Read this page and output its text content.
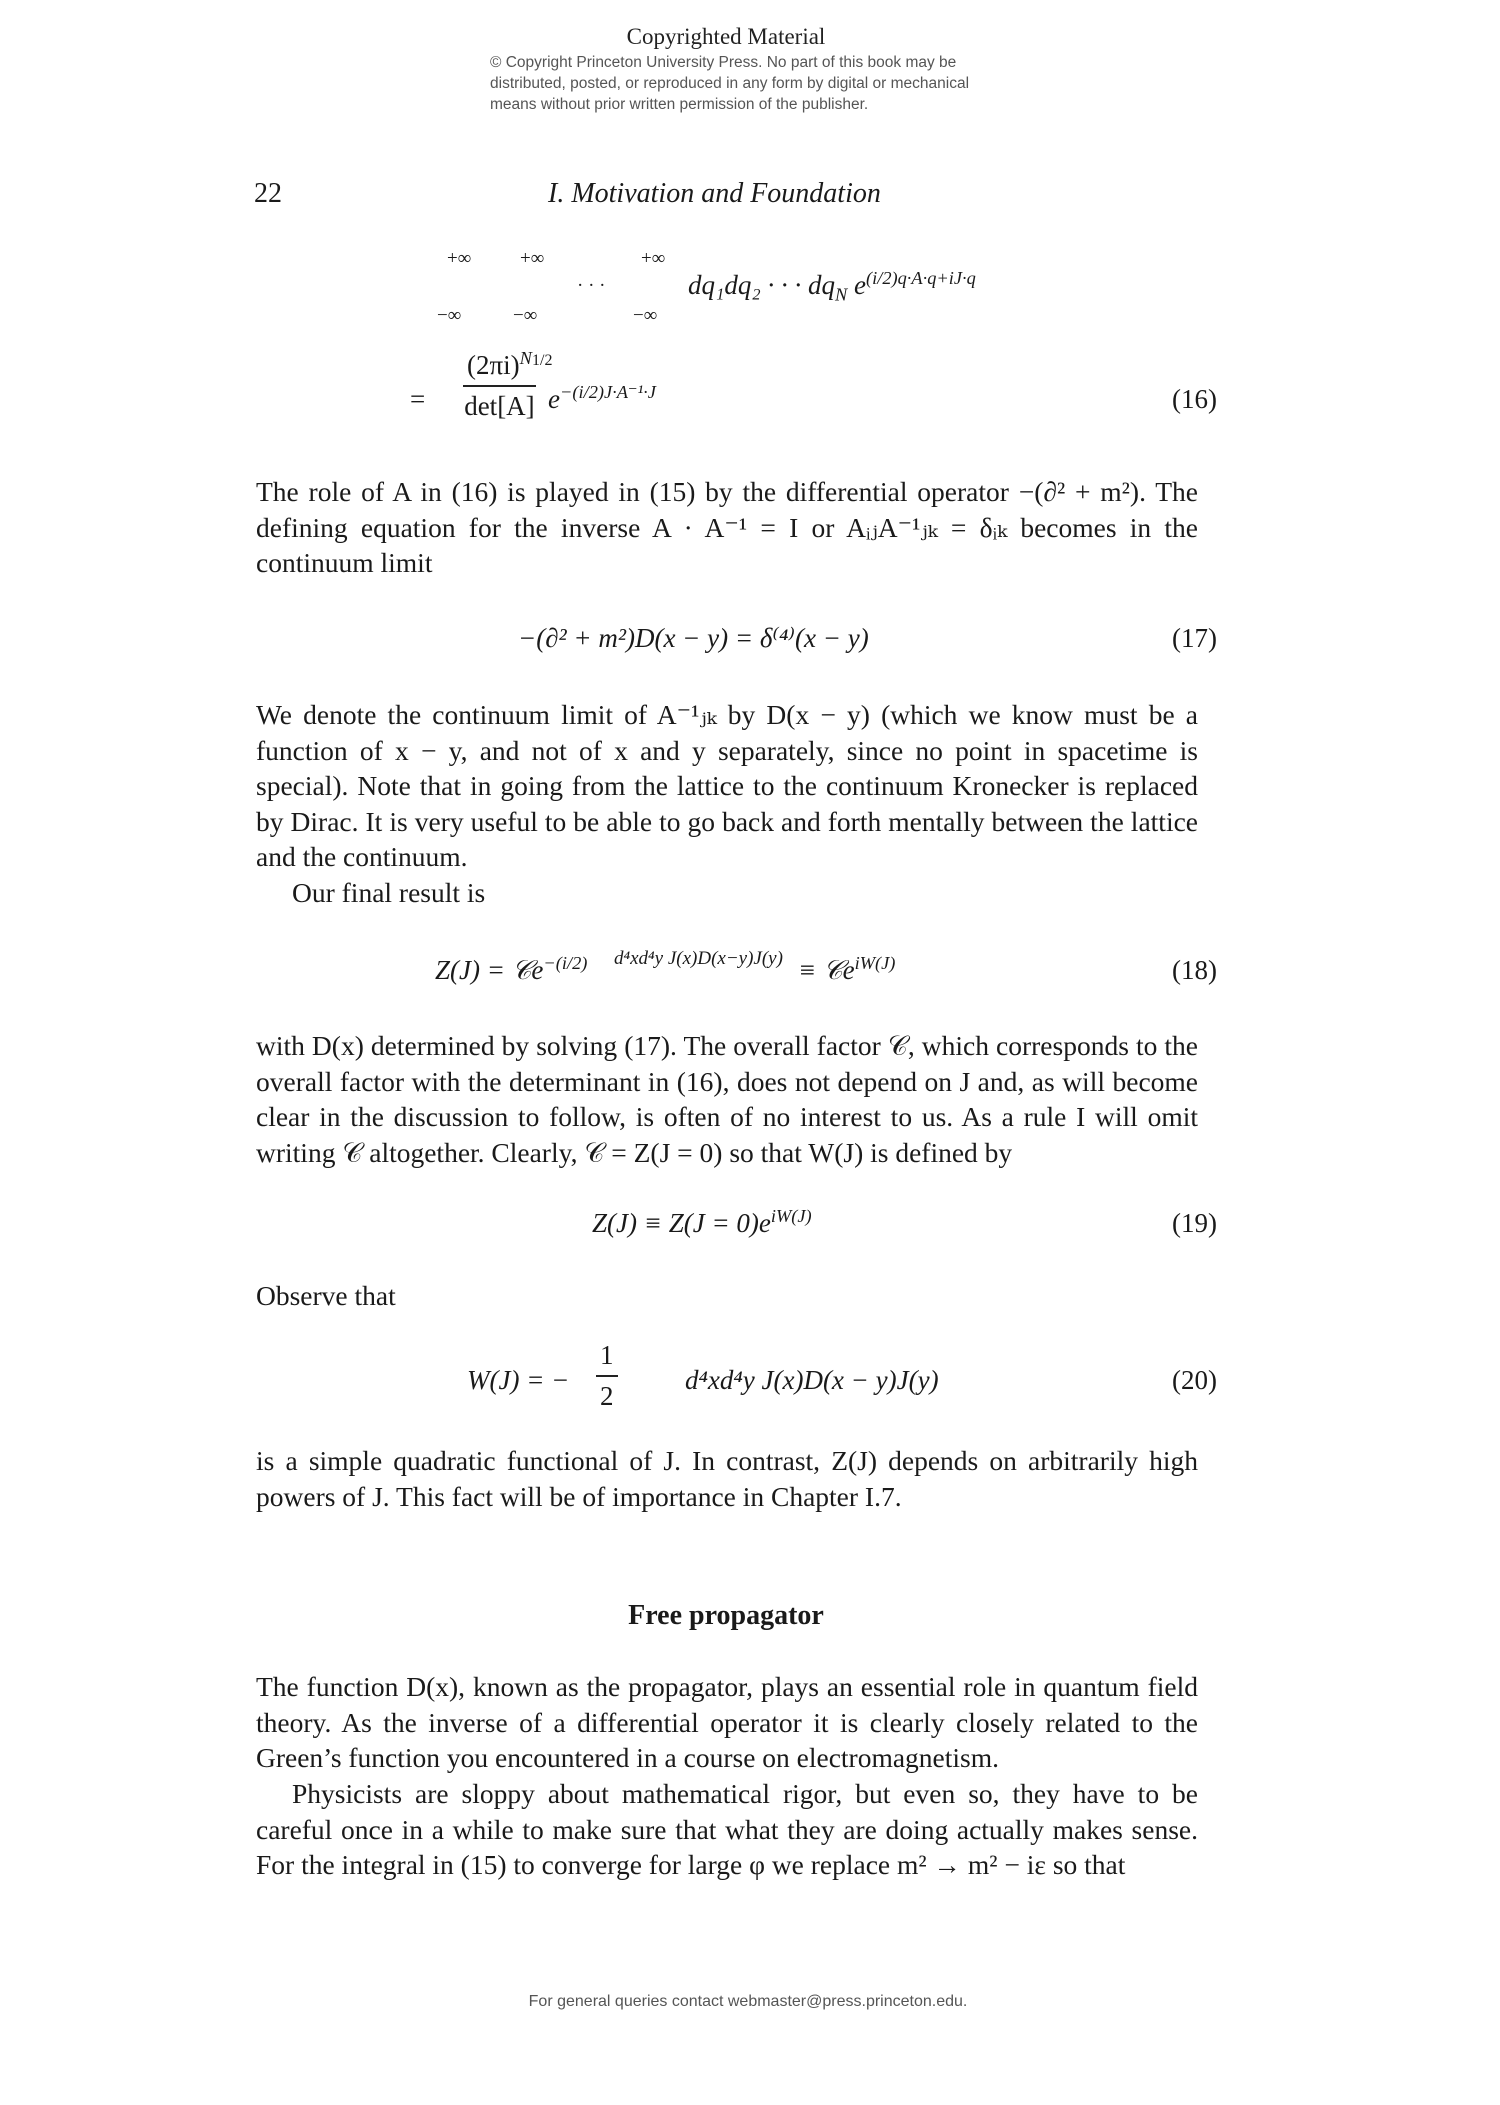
Copyrighted Material
© Copyright Princeton University Press. No part of this book may be
distributed, posted, or reproduced in any form by digital or mechanical
means without prior written permission of the publisher.
22	I. Motivation and Foundation
+∞	+∞	+∞
· · ·	dq₁dq₂ · · · $dq_N$ $e^{(i/2)q\cdot A\cdot q+iJ\cdot q}$
−∞	−∞	−∞
= $\frac{(2\pi i)^N}{\det[A]}$
1/2
$e^{-(i/2)J\cdot A^{-1}\cdot J}$	(16)
The role of A in (16) is played in (15) by the differential operator −(∂² + m²). The defining equation for the inverse A · A⁻¹ = I or AᵢⱼA⁻¹ⱼₖ = δᵢₖ becomes in the continuum limit
−(∂² + m²)D(x − y) = δ⁽⁴⁾(x − y)	(17)
We denote the continuum limit of A⁻¹ⱼₖ by D(x − y) (which we know must be a function of x − y, and not of x and y separately, since no point in spacetime is special). Note that in going from the lattice to the continuum Kronecker is replaced by Dirac. It is very useful to be able to go back and forth mentally between the lattice and the continuum.
Our final result is
Z(J) = 𝒞e$^{-(i/2)}$ d⁴xd⁴y J(x)D(x−y)J(y) ≡ 𝒞e$^{iW(J)}$	(18)
with D(x) determined by solving (17). The overall factor 𝒞, which corresponds to the overall factor with the determinant in (16), does not depend on J and, as will become clear in the discussion to follow, is often of no interest to us. As a rule I will omit writing 𝒞 altogether. Clearly, 𝒞 = Z(J = 0) so that W(J) is defined by
$Z(J) \equiv Z(J = 0)e^{iW(J)}$	(19)
Observe that
W(J) = − $\frac{1}{2}$	d⁴xd⁴y J(x)D(x − y)J(y)	(20)
is a simple quadratic functional of J. In contrast, Z(J) depends on arbitrarily high powers of J. This fact will be of importance in Chapter I.7.
Free propagator
The function D(x), known as the propagator, plays an essential role in quantum field theory. As the inverse of a differential operator it is clearly closely related to the Green’s function you encountered in a course on electromagnetism.
Physicists are sloppy about mathematical rigor, but even so, they have to be careful once in a while to make sure that what they are doing actually makes sense. For the integral in (15) to converge for large φ we replace m² → m² − iε so that
For general queries contact webmaster@press.princeton.edu.
